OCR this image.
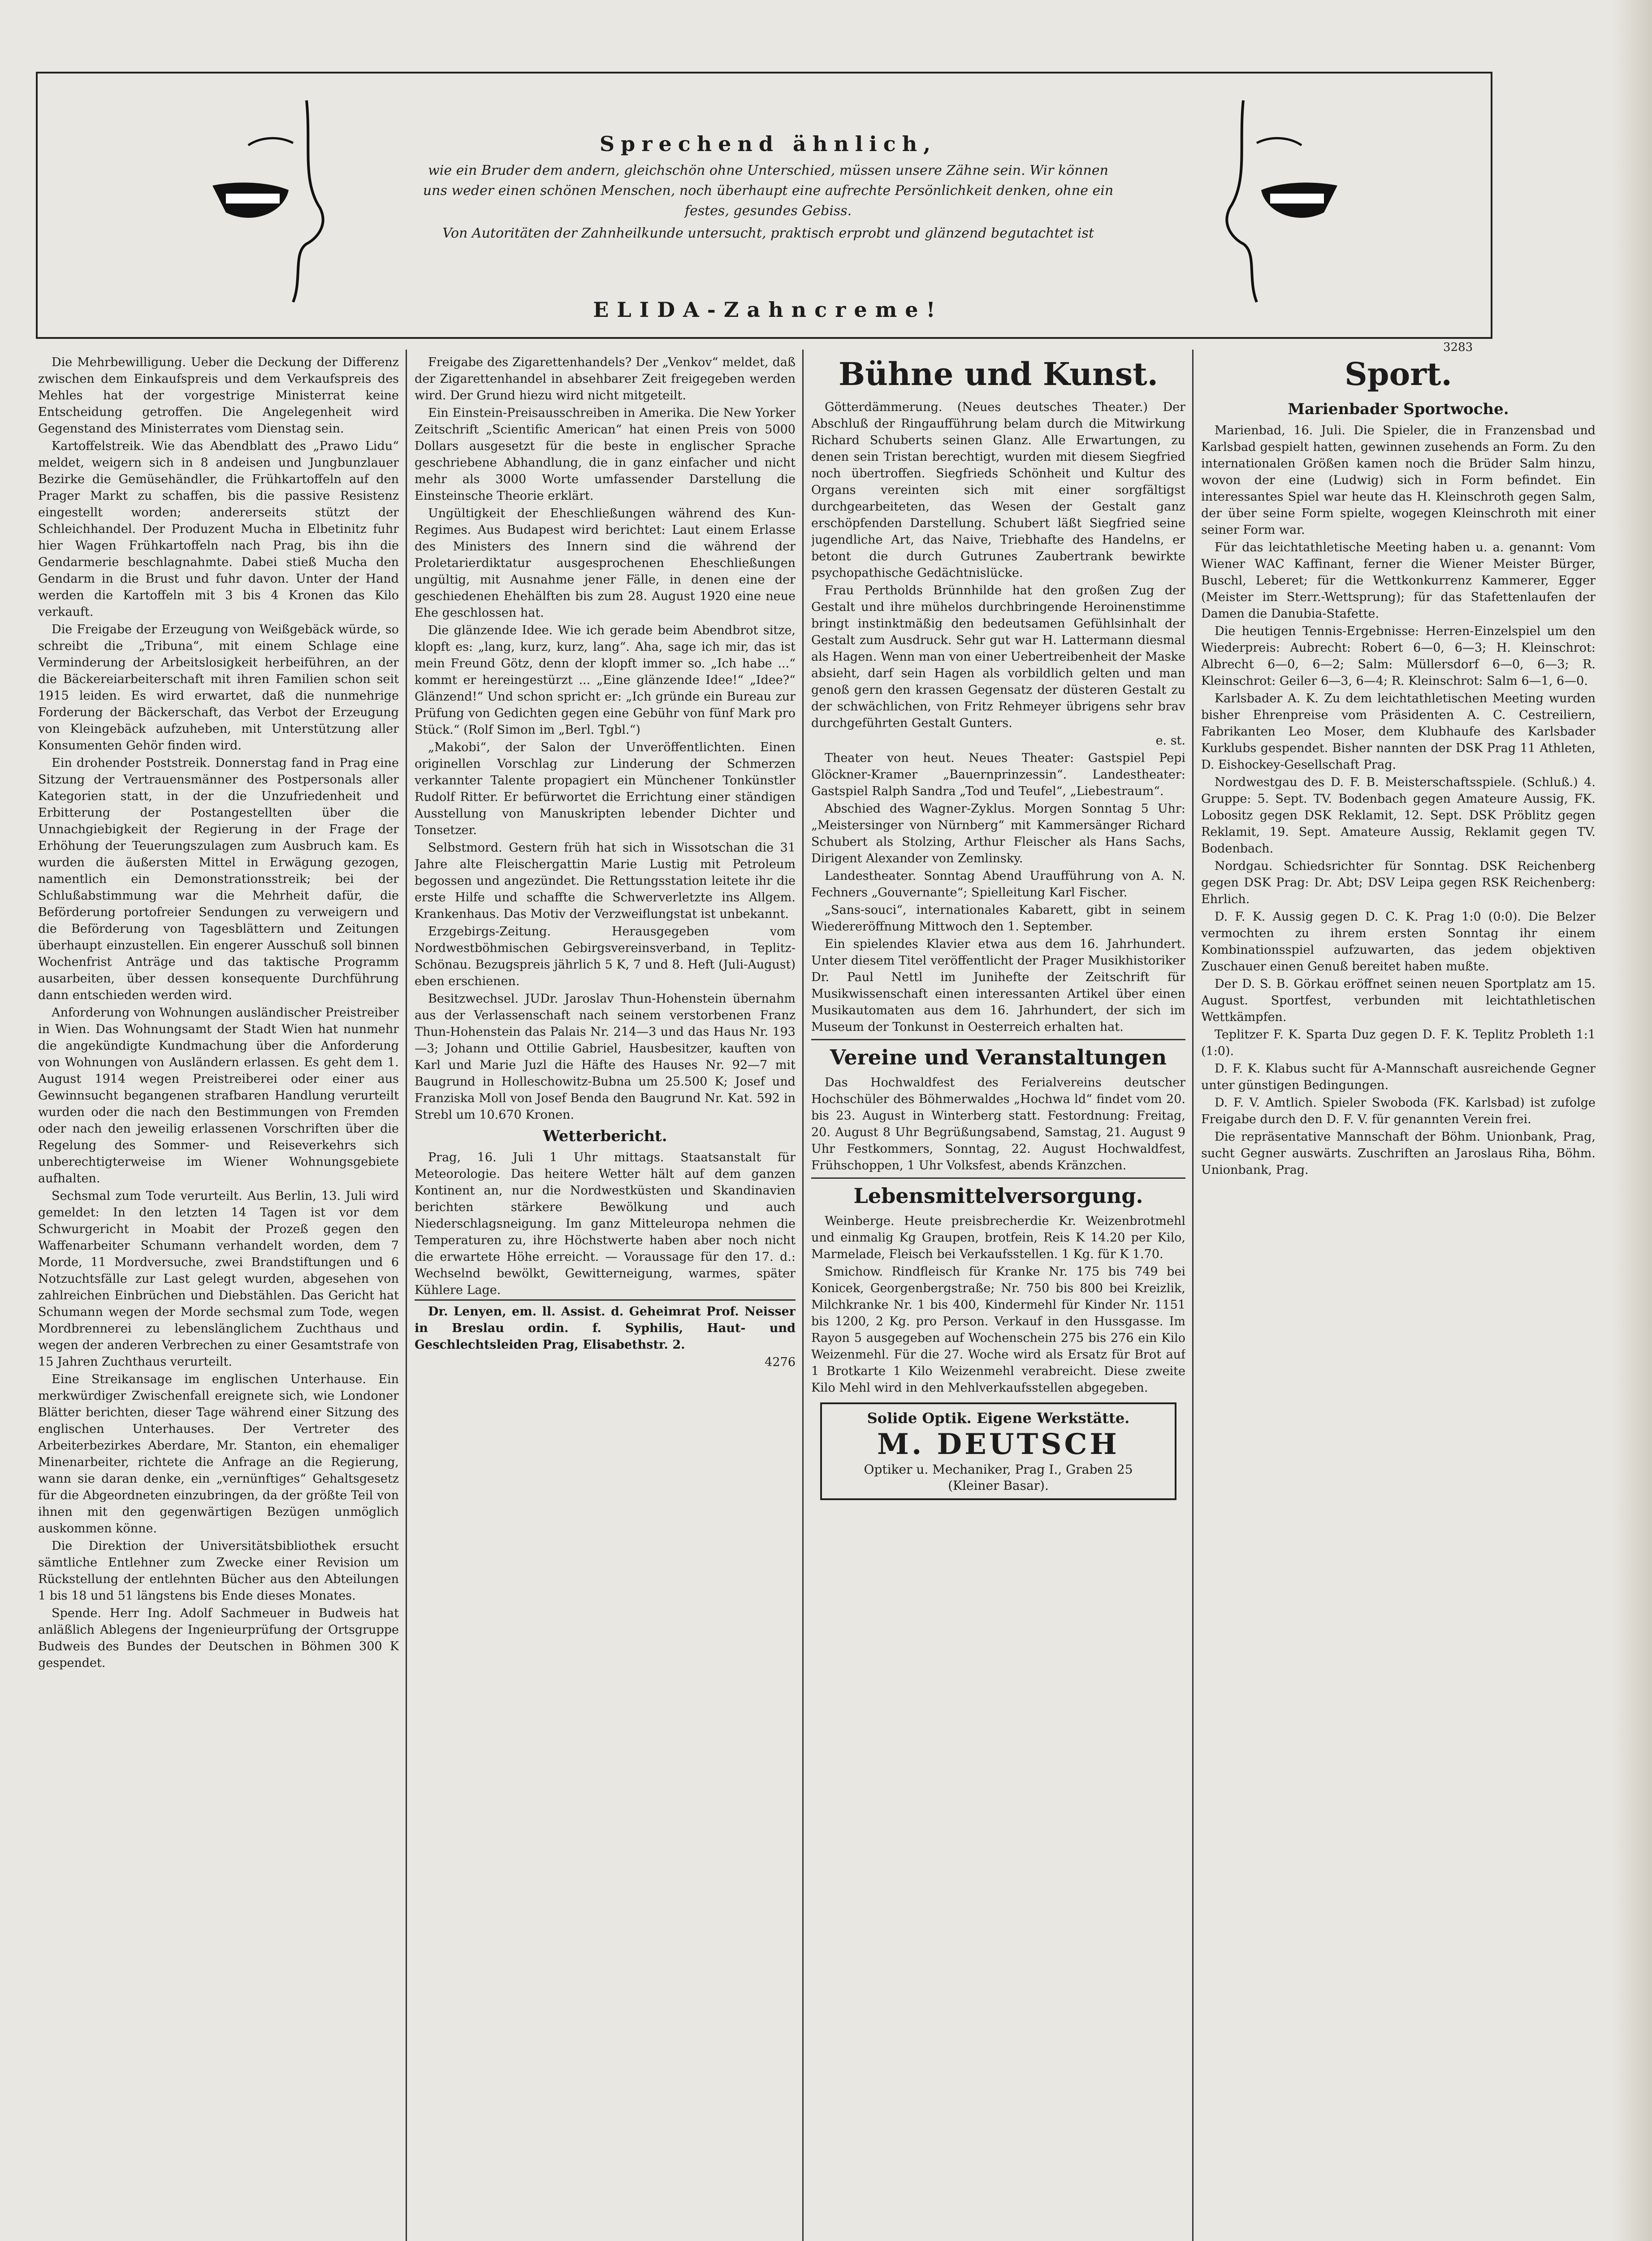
Sprechend ähnlich,
wie ein Bruder dem andern, gleichschön ohne Unterschied, müssen unsere Zähne sein. Wir können
uns weder einen schönen Menschen, noch überhaupt eine aufrechte Persönlichkeit denken, ohne ein
festes, gesundes Gebiss.
Von Autoritäten der Zahnheilkunde untersucht, praktisch erprobt und glänzend begutachtet ist
ELIDA-Zahncreme!
3283

Die Mehrbewilligung. Ueber die Deckung der Differenz zwischen dem Einkaufspreis und dem Verkaufspreis des Mehles hat der vorgestrige Ministerrat keine Entscheidung getroffen. Die Angelegenheit wird Gegenstand des Ministerrates vom Dienstag sein.

Kartoffelstreik. Wie das Abendblatt des „Prawo Lidu“ meldet, weigern sich in 8 andeisen und Jungbunzlauer Bezirke die Gemüsehändler, die Frühkartoffeln auf den Prager Markt zu schaffen, bis die passive Resistenz eingestellt worden; andererseits stützt der Schleichhandel. Der Produzent Mucha in Elbetinitz fuhr hier Wagen Frühkartoffeln nach Prag, bis ihn die Gendarmerie beschlagnahmte. Dabei stieß Mucha den Gendarm in die Brust und fuhr davon. Unter der Hand werden die Kartoffeln mit 3 bis 4 Kronen das Kilo verkauft.

Die Freigabe der Erzeugung von Weißgebäck würde, so schreibt die „Tribuna“, mit einem Schlage eine Verminderung der Arbeitslosigkeit herbeiführen, an der die Bäckereiarbeiterschaft mit ihren Familien schon seit 1915 leiden. Es wird erwartet, daß die nunmehrige Forderung der Bäckerschaft, das Verbot der Erzeugung von Kleingebäck aufzuheben, mit Unterstützung aller Konsumenten Gehör finden wird.

Ein drohender Poststreik. Donnerstag fand in Prag eine Sitzung der Vertrauensmänner des Postpersonals aller Kategorien statt, in der die Unzufriedenheit und Erbitterung der Postangestellten über die Unnachgiebigkeit der Regierung in der Frage der Erhöhung der Teuerungszulagen zum Ausbruch kam. Es wurden die äußersten Mittel in Erwägung gezogen, namentlich ein Demonstrationsstreik; bei der Schlußabstimmung war die Mehrheit dafür, die Beförderung portofreier Sendungen zu verweigern und die Beförderung von Tagesblättern und Zeitungen überhaupt einzustellen. Ein engerer Ausschuß soll binnen Wochenfrist Anträge und das taktische Programm ausarbeiten, über dessen konsequente Durchführung dann entschieden werden wird.

Anforderung von Wohnungen ausländischer Preistreiber in Wien. Das Wohnungsamt der Stadt Wien hat nunmehr die angekündigte Kundmachung über die Anforderung von Wohnungen von Ausländern erlassen. Es geht dem 1. August 1914 wegen Preistreiberei oder einer aus Gewinnsucht begangenen strafbaren Handlung verurteilt wurden oder die nach den Bestimmungen von Fremden oder nach den jeweilig erlassenen Vorschriften über die Regelung des Sommer- und Reiseverkehrs sich unberechtigterweise im Wiener Wohnungsgebiete aufhalten.

Sechsmal zum Tode verurteilt. Aus Berlin, 13. Juli wird gemeldet: In den letzten 14 Tagen ist vor dem Schwurgericht in Moabit der Prozeß gegen den Waffenarbeiter Schumann verhandelt worden, dem 7 Morde, 11 Mordversuche, zwei Brandstiftungen und 6 Notzuchtsfälle zur Last gelegt wurden, abgesehen von zahlreichen Einbrüchen und Diebstählen. Das Gericht hat Schumann wegen der Morde sechsmal zum Tode, wegen Mordbrennerei zu lebenslänglichem Zuchthaus und wegen der anderen Verbrechen zu einer Gesamtstrafe von 15 Jahren Zuchthaus verurteilt.

Eine Streikansage im englischen Unterhause. Ein merkwürdiger Zwischenfall ereignete sich, wie Londoner Blätter berichten, dieser Tage während einer Sitzung des englischen Unterhauses. Der Vertreter des Arbeiterbezirkes Aberdare, Mr. Stanton, ein ehemaliger Minenarbeiter, richtete die Anfrage an die Regierung, wann sie daran denke, ein „vernünftiges“ Gehaltsgesetz für die Abgeordneten einzubringen, da der größte Teil von ihnen mit den gegenwärtigen Bezügen unmöglich auskommen könne.

Die Direktion der Universitätsbibliothek ersucht sämtliche Entlehner zum Zwecke einer Revision um Rückstellung der entlehnten Bücher aus den Abteilungen 1 bis 18 und 51 längstens bis Ende dieses Monates.

Spende. Herr Ing. Adolf Sachmeuer in Budweis hat anläßlich Ablegens der Ingenieurprüfung der Ortsgruppe Budweis des Bundes der Deutschen in Böhmen 300 K gespendet.

Freigabe des Zigarettenhandels? Der „Venkov“ meldet, daß der Zigarettenhandel in absehbarer Zeit freigegeben werden wird. Der Grund hiezu wird nicht mitgeteilt.

Ein Einstein-Preisausschreiben in Amerika. Die New Yorker Zeitschrift „Scientific American“ hat einen Preis von 5000 Dollars ausgesetzt für die beste in englischer Sprache geschriebene Abhandlung, die in ganz einfacher und nicht mehr als 3000 Worte umfassender Darstellung die Einsteinsche Theorie erklärt.

Ungültigkeit der Eheschließungen während des Kun-Regimes. Aus Budapest wird berichtet: Laut einem Erlasse des Ministers des Innern sind die während der Proletarierdiktatur ausgesprochenen Eheschließungen ungültig, mit Ausnahme jener Fälle, in denen eine der geschiedenen Ehehälften bis zum 28. August 1920 eine neue Ehe geschlossen hat.

Die glänzende Idee. Wie ich gerade beim Abendbrot sitze, klopft es: „lang, kurz, kurz, lang“. Aha, sage ich mir, das ist mein Freund Götz, denn der klopft immer so. „Ich habe ...“ kommt er hereingestürzt ... „Eine glänzende Idee!“ „Idee?“ Glänzend!“ Und schon spricht er: „Ich gründe ein Bureau zur Prüfung von Gedichten gegen eine Gebühr von fünf Mark pro Stück.“ (Rolf Simon im „Berl. Tgbl.“)

„Makobi“, der Salon der Unveröffentlichten. Einen originellen Vorschlag zur Linderung der Schmerzen verkannter Talente propagiert ein Münchener Tonkünstler Rudolf Ritter. Er befürwortet die Errichtung einer ständigen Ausstellung von Manuskripten lebender Dichter und Tonsetzer.

Selbstmord. Gestern früh hat sich in Wissotschan die 31 Jahre alte Fleischergattin Marie Lustig mit Petroleum begossen und angezündet. Die Rettungsstation leitete ihr die erste Hilfe und schaffte die Schwerverletzte ins Allgem. Krankenhaus. Das Motiv der Verzweiflungstat ist unbekannt.

Erzgebirgs-Zeitung. Herausgegeben vom Nordwestböhmischen Gebirgsvereinsverband, in Teplitz-Schönau. Bezugspreis jährlich 5 K, 7 und 8. Heft (Juli-August) eben erschienen.

Besitzwechsel. JUDr. Jaroslav Thun-Hohenstein übernahm aus der Verlassenschaft nach seinem verstorbenen Franz Thun-Hohenstein das Palais Nr. 214—3 und das Haus Nr. 193—3; Johann und Ottilie Gabriel, Hausbesitzer, kauften von Karl und Marie Juzl die Häfte des Hauses Nr. 92—7 mit Baugrund in Holleschowitz-Bubna um 25.500 K; Josef und Franziska Moll von Josef Benda den Baugrund Nr. Kat. 592 in Strebl um 10.670 Kronen.

Wetterbericht.

Prag, 16. Juli 1 Uhr mittags. Staatsanstalt für Meteorologie. Das heitere Wetter hält auf dem ganzen Kontinent an, nur die Nordwestküsten und Skandinavien berichten stärkere Bewölkung und auch Niederschlagsneigung. Im ganz Mitteleuropa nehmen die Temperaturen zu, ihre Höchstwerte haben aber noch nicht die erwartete Höhe erreicht. — Voraussage für den 17. d.: Wechselnd bewölkt, Gewitterneigung, warmes, später Kühlere Lage.

Dr. Lenyen, em. ll. Assist. d. Geheimrat Prof. Neisser in Breslau ordin. f. Syphilis, Haut- und Geschlechtsleiden Prag, Elisabethstr. 2.

4276

Bühne und Kunst.

Götterdämmerung. (Neues deutsches Theater.) Der Abschluß der Ringaufführung belam durch die Mitwirkung Richard Schuberts seinen Glanz. Alle Erwartungen, zu denen sein Tristan berechtigt, wurden mit diesem Siegfried noch übertroffen. Siegfrieds Schönheit und Kultur des Organs vereinten sich mit einer sorgfältigst durchgearbeiteten, das Wesen der Gestalt ganz erschöpfenden Darstellung. Schubert läßt Siegfried seine jugendliche Art, das Naive, Triebhafte des Handelns, er betont die durch Gutrunes Zaubertrank bewirkte psychopathische Gedächtnislücke.

Frau Pertholds Brünnhilde hat den großen Zug der Gestalt und ihre mühelos durchbringende Heroinenstimme bringt instinktmäßig den bedeutsamen Gefühlsinhalt der Gestalt zum Ausdruck. Sehr gut war H. Lattermann diesmal als Hagen. Wenn man von einer Uebertreibenheit der Maske absieht, darf sein Hagen als vorbildlich gelten und man genoß gern den krassen Gegensatz der düsteren Gestalt zu der schwächlichen, von Fritz Rehmeyer übrigens sehr brav durchgeführten Gestalt Gunters.

e. st.

Theater von heut. Neues Theater: Gastspiel Pepi Glöckner-Kramer „Bauernprinzessin“. Landestheater: Gastspiel Ralph Sandra „Tod und Teufel“, „Liebestraum“.

Abschied des Wagner-Zyklus. Morgen Sonntag 5 Uhr: „Meistersinger von Nürnberg“ mit Kammersänger Richard Schubert als Stolzing, Arthur Fleischer als Hans Sachs, Dirigent Alexander von Zemlinsky.

Landestheater. Sonntag Abend Uraufführung von A. N. Fechners „Gouvernante“; Spielleitung Karl Fischer.

„Sans-souci“, internationales Kabarett, gibt in seinem Wiedereröffnung Mittwoch den 1. September.

Ein spielendes Klavier etwa aus dem 16. Jahrhundert. Unter diesem Titel veröffentlicht der Prager Musikhistoriker Dr. Paul Nettl im Junihefte der Zeitschrift für Musikwissenschaft einen interessanten Artikel über einen Musikautomaten aus dem 16. Jahrhundert, der sich im Museum der Tonkunst in Oesterreich erhalten hat.

Vereine und Veranstaltungen

Das Hochwaldfest des Ferialvereins deutscher Hochschüler des Böhmerwaldes „Hochwa ld“ findet vom 20. bis 23. August in Winterberg statt. Festordnung: Freitag, 20. August 8 Uhr Begrüßungsabend, Samstag, 21. August 9 Uhr Festkommers, Sonntag, 22. August Hochwaldfest, Frühschoppen, 1 Uhr Volksfest, abends Kränzchen.

Lebensmittelversorgung.

Weinberge. Heute preisbrecherdie Kr. Weizenbrotmehl und einmalig Kg Graupen, brotfein, Reis K 14.20 per Kilo, Marmelade, Fleisch bei Verkaufsstellen. 1 Kg. für K 1.70.

Smichow. Rindfleisch für Kranke Nr. 175 bis 749 bei Konicek, Georgenbergstraße; Nr. 750 bis 800 bei Kreizlik, Milchkranke Nr. 1 bis 400, Kindermehl für Kinder Nr. 1151 bis 1200, 2 Kg. pro Person. Verkauf in den Hussgasse. Im Rayon 5 ausgegeben auf Wochenschein 275 bis 276 ein Kilo Weizenmehl. Für die 27. Woche wird als Ersatz für Brot auf 1 Brotkarte 1 Kilo Weizenmehl verabreicht. Diese zweite Kilo Mehl wird in den Mehlverkaufsstellen abgegeben.

Solide Optik. Eigene Werkstätte.
M. DEUTSCH
Optiker u. Mechaniker, Prag I., Graben 25
(Kleiner Basar).
Sport.
Marienbader Sportwoche.

Marienbad, 16. Juli. Die Spieler, die in Franzensbad und Karlsbad gespielt hatten, gewinnen zusehends an Form. Zu den internationalen Größen kamen noch die Brüder Salm hinzu, wovon der eine (Ludwig) sich in Form befindet. Ein interessantes Spiel war heute das H. Kleinschroth gegen Salm, der über seine Form spielte, wogegen Kleinschroth mit einer seiner Form war.

Für das leichtathletische Meeting haben u. a. genannt: Vom Wiener WAC Kaffinant, ferner die Wiener Meister Bürger, Buschl, Leberet; für die Wettkonkurrenz Kammerer, Egger (Meister im Sterr.-Wettsprung); für das Stafettenlaufen der Damen die Danubia-Stafette.

Die heutigen Tennis-Ergebnisse: Herren-Einzelspiel um den Wiederpreis: Aubrecht: Robert 6—0, 6—3; H. Kleinschrot: Albrecht 6—0, 6—2; Salm: Müllersdorf 6—0, 6—3; R. Kleinschrot: Geiler 6—3, 6—4; R. Kleinschrot: Salm 6—1, 6—0.

Karlsbader A. K. Zu dem leichtathletischen Meeting wurden bisher Ehrenpreise vom Präsidenten A. C. Cestreiliern, Fabrikanten Leo Moser, dem Klubhaufe des Karlsbader Kurklubs gespendet. Bisher nannten der DSK Prag 11 Athleten, D. Eishockey-Gesellschaft Prag.

Nordwestgau des D. F. B. Meisterschaftsspiele. (Schluß.) 4. Gruppe: 5. Sept. TV. Bodenbach gegen Amateure Aussig, FK. Lobositz gegen DSK Reklamit, 12. Sept. DSK Pröblitz gegen Reklamit, 19. Sept. Amateure Aussig, Reklamit gegen TV. Bodenbach.

Nordgau. Schiedsrichter für Sonntag. DSK Reichenberg gegen DSK Prag: Dr. Abt; DSV Leipa gegen RSK Reichenberg: Ehrlich.

D. F. K. Aussig gegen D. C. K. Prag 1:0 (0:0). Die Belzer vermochten zu ihrem ersten Sonntag ihr einem Kombinationsspiel aufzuwarten, das jedem objektiven Zuschauer einen Genuß bereitet haben mußte.

Der D. S. B. Görkau eröffnet seinen neuen Sportplatz am 15. August. Sportfest, verbunden mit leichtathletischen Wettkämpfen.

Teplitzer F. K. Sparta Duz gegen D. F. K. Teplitz Probleth 1:1 (1:0).

D. F. K. Klabus sucht für A-Mannschaft ausreichende Gegner unter günstigen Bedingungen.

D. F. V. Amtlich. Spieler Swoboda (FK. Karlsbad) ist zufolge Freigabe durch den D. F. V. für genannten Verein frei.

Die repräsentative Mannschaft der Böhm. Unionbank, Prag, sucht Gegner auswärts. Zuschriften an Jaroslaus Riha, Böhm. Unionbank, Prag.
